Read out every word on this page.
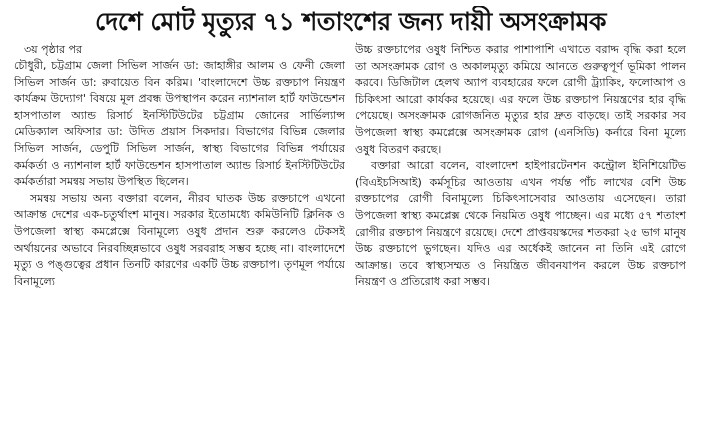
দেশে মোট মৃত্যুর ৭১ শতাংশের জন্য দায়ী অসংক্রামক

৩য় পৃষ্ঠার পর

চৌধুরী, চট্টগ্রাম জেলা সিভিল সার্জন ডা: জাহাঙ্গীর আলম ও ফেনী জেলা সিভিল সার্জন ডা: রুবায়েত বিন করিম। 'বাংলাদেশে উচ্চ রক্তচাপ নিয়ন্ত্রণ কার্যক্রম উদ্যোগ' বিষয়ে মূল প্রবন্ধ উপস্থাপন করেন ন্যাশনাল হার্ট ফাউন্ডেশন হাসপাতাল অ্যান্ড রিসার্চ ইনস্টিটিউটের চট্টগ্রাম জোনের সার্ভিল্যান্স মেডিক্যাল অফিসার ডা: উদিত প্রয়াস সিকদার। বিভাগের বিভিন্ন জেলার সিভিল সার্জন, ডেপুটি সিভিল সার্জন, স্বাস্থ্য বিভাগের বিভিন্ন পর্যায়ের কর্মকর্তা ও ন্যাশনাল হার্ট ফাউন্ডেশন হাসপাতাল অ্যান্ড রিসার্চ ইনস্টিটিউটের কর্মকর্তারা সমন্বয় সভায় উপস্থিত ছিলেন।

সমন্বয় সভায় অন্য বক্তারা বলেন, নীরব ঘাতক উচ্চ রক্তচাপে এখনো আক্রান্ত দেশের এক-চতুর্থাংশ মানুষ। সরকার ইতোমধ্যে কমিউনিটি ক্লিনিক ও উপজেলা স্বাস্থ্য কমপ্লেক্সে বিনামূল্যে ওষুধ প্রদান শুরু করলেও টেকসই অর্থায়নের অভাবে নিরবচ্ছিন্নভাবে ওষুধ সরবরাহ সম্ভব হচ্ছে না। বাংলাদেশে মৃত্যু ও পঙ্গুত্বের প্রধান তিনটি কারণের একটি উচ্চ রক্তচাপ। তৃণমূল পর্যায়ে বিনামূল্যে

উচ্চ রক্তচাপের ওষুধ নিশ্চিত করার পাশাপাশি এখাতে বরাদ্দ বৃদ্ধি করা হলে তা অসংক্রামক রোগ ও অকালমৃত্যু কমিয়ে আনতে গুরুত্বপূর্ণ ভূমিকা পালন করবে। ডিজিটাল হেলথ অ্যাপ ব্যবহারের ফলে রোগী ট্র্যাকিং, ফলোআপ ও চিকিৎসা আরো কার্যকর হয়েছে। এর ফলে উচ্চ রক্তচাপ নিয়ন্ত্রণের হার বৃদ্ধি পেয়েছে। অসংক্রামক রোগজনিত মৃত্যুর হার দ্রুত বাড়ছে। তাই সরকার সব উপজেলা স্বাস্থ্য কমপ্লেক্সে অসংক্রামক রোগ (এনসিডি) কর্নারে বিনা মূল্যে ওষুধ বিতরণ করছে।

বক্তারা আরো বলেন, বাংলাদেশ হাইপারটেনশন কন্ট্রোল ইনিশিয়েটিভ (বিএইচসিআই) কর্মসূচির আওতায় এখন পর্যন্ত পাঁচ লাখের বেশি উচ্চ রক্তচাপের রোগী বিনামূল্যে চিকিৎসাসেবার আওতায় এসেছেন। তারা উপজেলা স্বাস্থ্য কমপ্লেক্স থেকে নিয়মিত ওষুধ পাচ্ছেন। এর মধ্যে ৫৭ শতাংশ রোগীর রক্তচাপ নিয়ন্ত্রণে রয়েছে। দেশে প্রাপ্তবয়স্কদের শতকরা ২৫ ভাগ মানুষ উচ্চ রক্তচাপে ভুগছেন। যদিও এর অর্ধেকই জানেন না তিনি এই রোগে আক্রান্ত। তবে স্বাস্থ্যসম্মত ও নিয়ন্ত্রিত জীবনযাপন করলে উচ্চ রক্তচাপ নিয়ন্ত্রণ ও প্রতিরোধ করা সম্ভব।
